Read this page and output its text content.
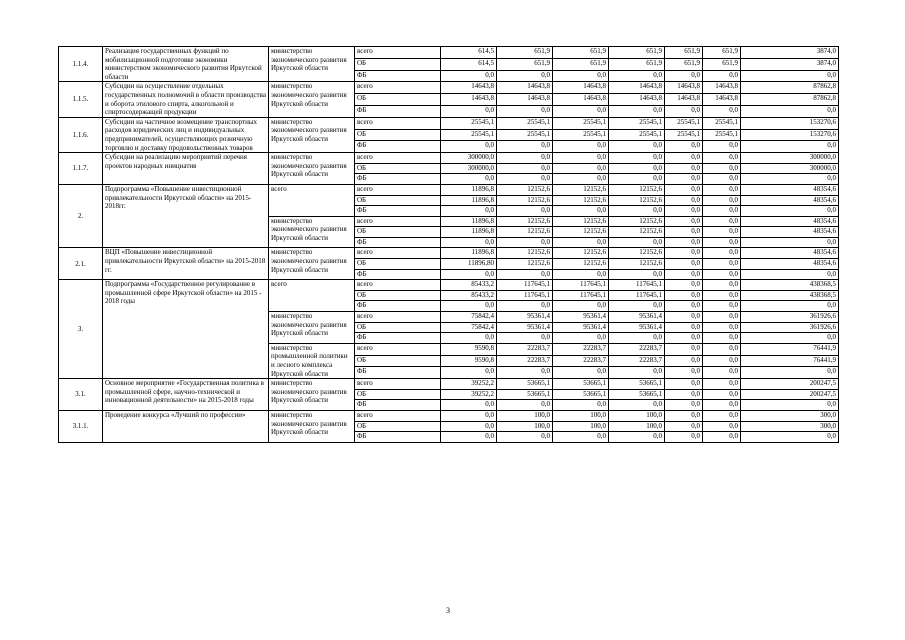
1.1.4.	Реализация государственных функций по мобилизационной подготовке экономики министерством экономического развития Иркутской области	министерство экономического развития Иркутской области	всего	614,5	651,9	651,9	651,9	651,9	651,9	3874,0
			ОБ	614,5	651,9	651,9	651,9	651,9	651,9	3874,0
			ФБ	0,0	0,0	0,0	0,0	0,0	0,0	0,0
1.1.5.	Субсидии на осуществление отдельных государственных полномочий в области производства и оборота этилового спирта, алкогольной и спиртосодержащей продукции	министерство экономического развития Иркутской области	всего	14643,8	14643,8	14643,8	14643,8	14643,8	14643,8	87862,8
			ОБ	14643,8	14643,8	14643,8	14643,8	14643,8	14643,8	87862,8
			ФБ	0,0	0,0	0,0	0,0	0,0	0,0	0,0
1.1.6.	Субсидии на частичное возмещение транспортных расходов юридических лиц и индивидуальных предпринимателей, осуществляющих розничную торговлю и доставку продовольственных товаров	министерство экономического развития Иркутской области	всего	25545,1	25545,1	25545,1	25545,1	25545,1	25545,1	153270,6
			ОБ	25545,1	25545,1	25545,1	25545,1	25545,1	25545,1	153270,6
			ФБ	0,0	0,0	0,0	0,0	0,0	0,0	0,0
1.1.7.	Субсидии на реализацию мероприятий перечня проектов народных инициатив	министерство экономического развития Иркутской области	всего	300000,0	0,0	0,0	0,0	0,0	0,0	300000,0
			ОБ	300000,0	0,0	0,0	0,0	0,0	0,0	300000,0
			ФБ	0,0	0,0	0,0	0,0	0,0	0,0	0,0
2.	Подпрограмма «Повышение инвестиционной привлекательности Иркутской области» на 2015-2018гг.	всего	всего	11896,8	12152,6	12152,6	12152,6	0,0	0,0	48354,6
			ОБ	11896,8	12152,6	12152,6	12152,6	0,0	0,0	48354,6
			ФБ	0,0	0,0	0,0	0,0	0,0	0,0	0,0
		министерство экономического развития Иркутской области	всего	11896,8	12152,6	12152,6	12152,6	0,0	0,0	48354,6
			ОБ	11896,8	12152,6	12152,6	12152,6	0,0	0,0	48354,6
			ФБ	0,0	0,0	0,0	0,0	0,0	0,0	0,0
2.1.	ВЦП «Повышение инвестиционной привлекательности Иркутской области» на 2015-2018 гг.	министерство экономического развития Иркутской области	всего	11896,8	12152,6	12152,6	12152,6	0,0	0,0	48354,6
			ОБ	11896,80	12152,6	12152,6	12152,6	0,0	0,0	48354,6
			ФБ	0,0	0,0	0,0	0,0	0,0	0,0	0,0
3.	Подпрограмма «Государственное регулирование в промышленной сфере Иркутской области» на 2015 - 2018 годы	всего	всего	85433,2	117645,1	117645,1	117645,1	0,0	0,0	438368,5
			ОБ	85433,2	117645,1	117645,1	117645,1	0,0	0,0	438368,5
			ФБ	0,0	0,0	0,0	0,0	0,0	0,0	0,0
		министерство экономического развития Иркутской области	всего	75842,4	95361,4	95361,4	95361,4	0,0	0,0	361926,6
			ОБ	75842,4	95361,4	95361,4	95361,4	0,0	0,0	361926,6
			ФБ	0,0	0,0	0,0	0,0	0,0	0,0	0,0
		министерство промышленной политики и лесного комплекса Иркутской области	всего	9590,8	22283,7	22283,7	22283,7	0,0	0,0	76441,9
			ОБ	9590,8	22283,7	22283,7	22283,7	0,0	0,0	76441,9
			ФБ	0,0	0,0	0,0	0,0	0,0	0,0	0,0
3.1.	Основное мероприятие «Государственная политика в промышленной сфере, научно-технической и инновационной деятельности» на 2015-2018 годы	министерство экономического развития Иркутской области	всего	39252,2	53665,1	53665,1	53665,1	0,0	0,0	200247,5
			ОБ	39252,2	53665,1	53665,1	53665,1	0,0	0,0	200247,5
			ФБ	0,0	0,0	0,0	0,0	0,0	0,0	0,0
3.1.1.	Проведение конкурса «Лучший по профессии»	министерство экономического развития Иркутской области	всего	0,0	100,0	100,0	100,0	0,0	0,0	300,0
			ОБ	0,0	100,0	100,0	100,0	0,0	0,0	300,0
			ФБ	0,0	0,0	0,0	0,0	0,0	0,0	0,0
3
